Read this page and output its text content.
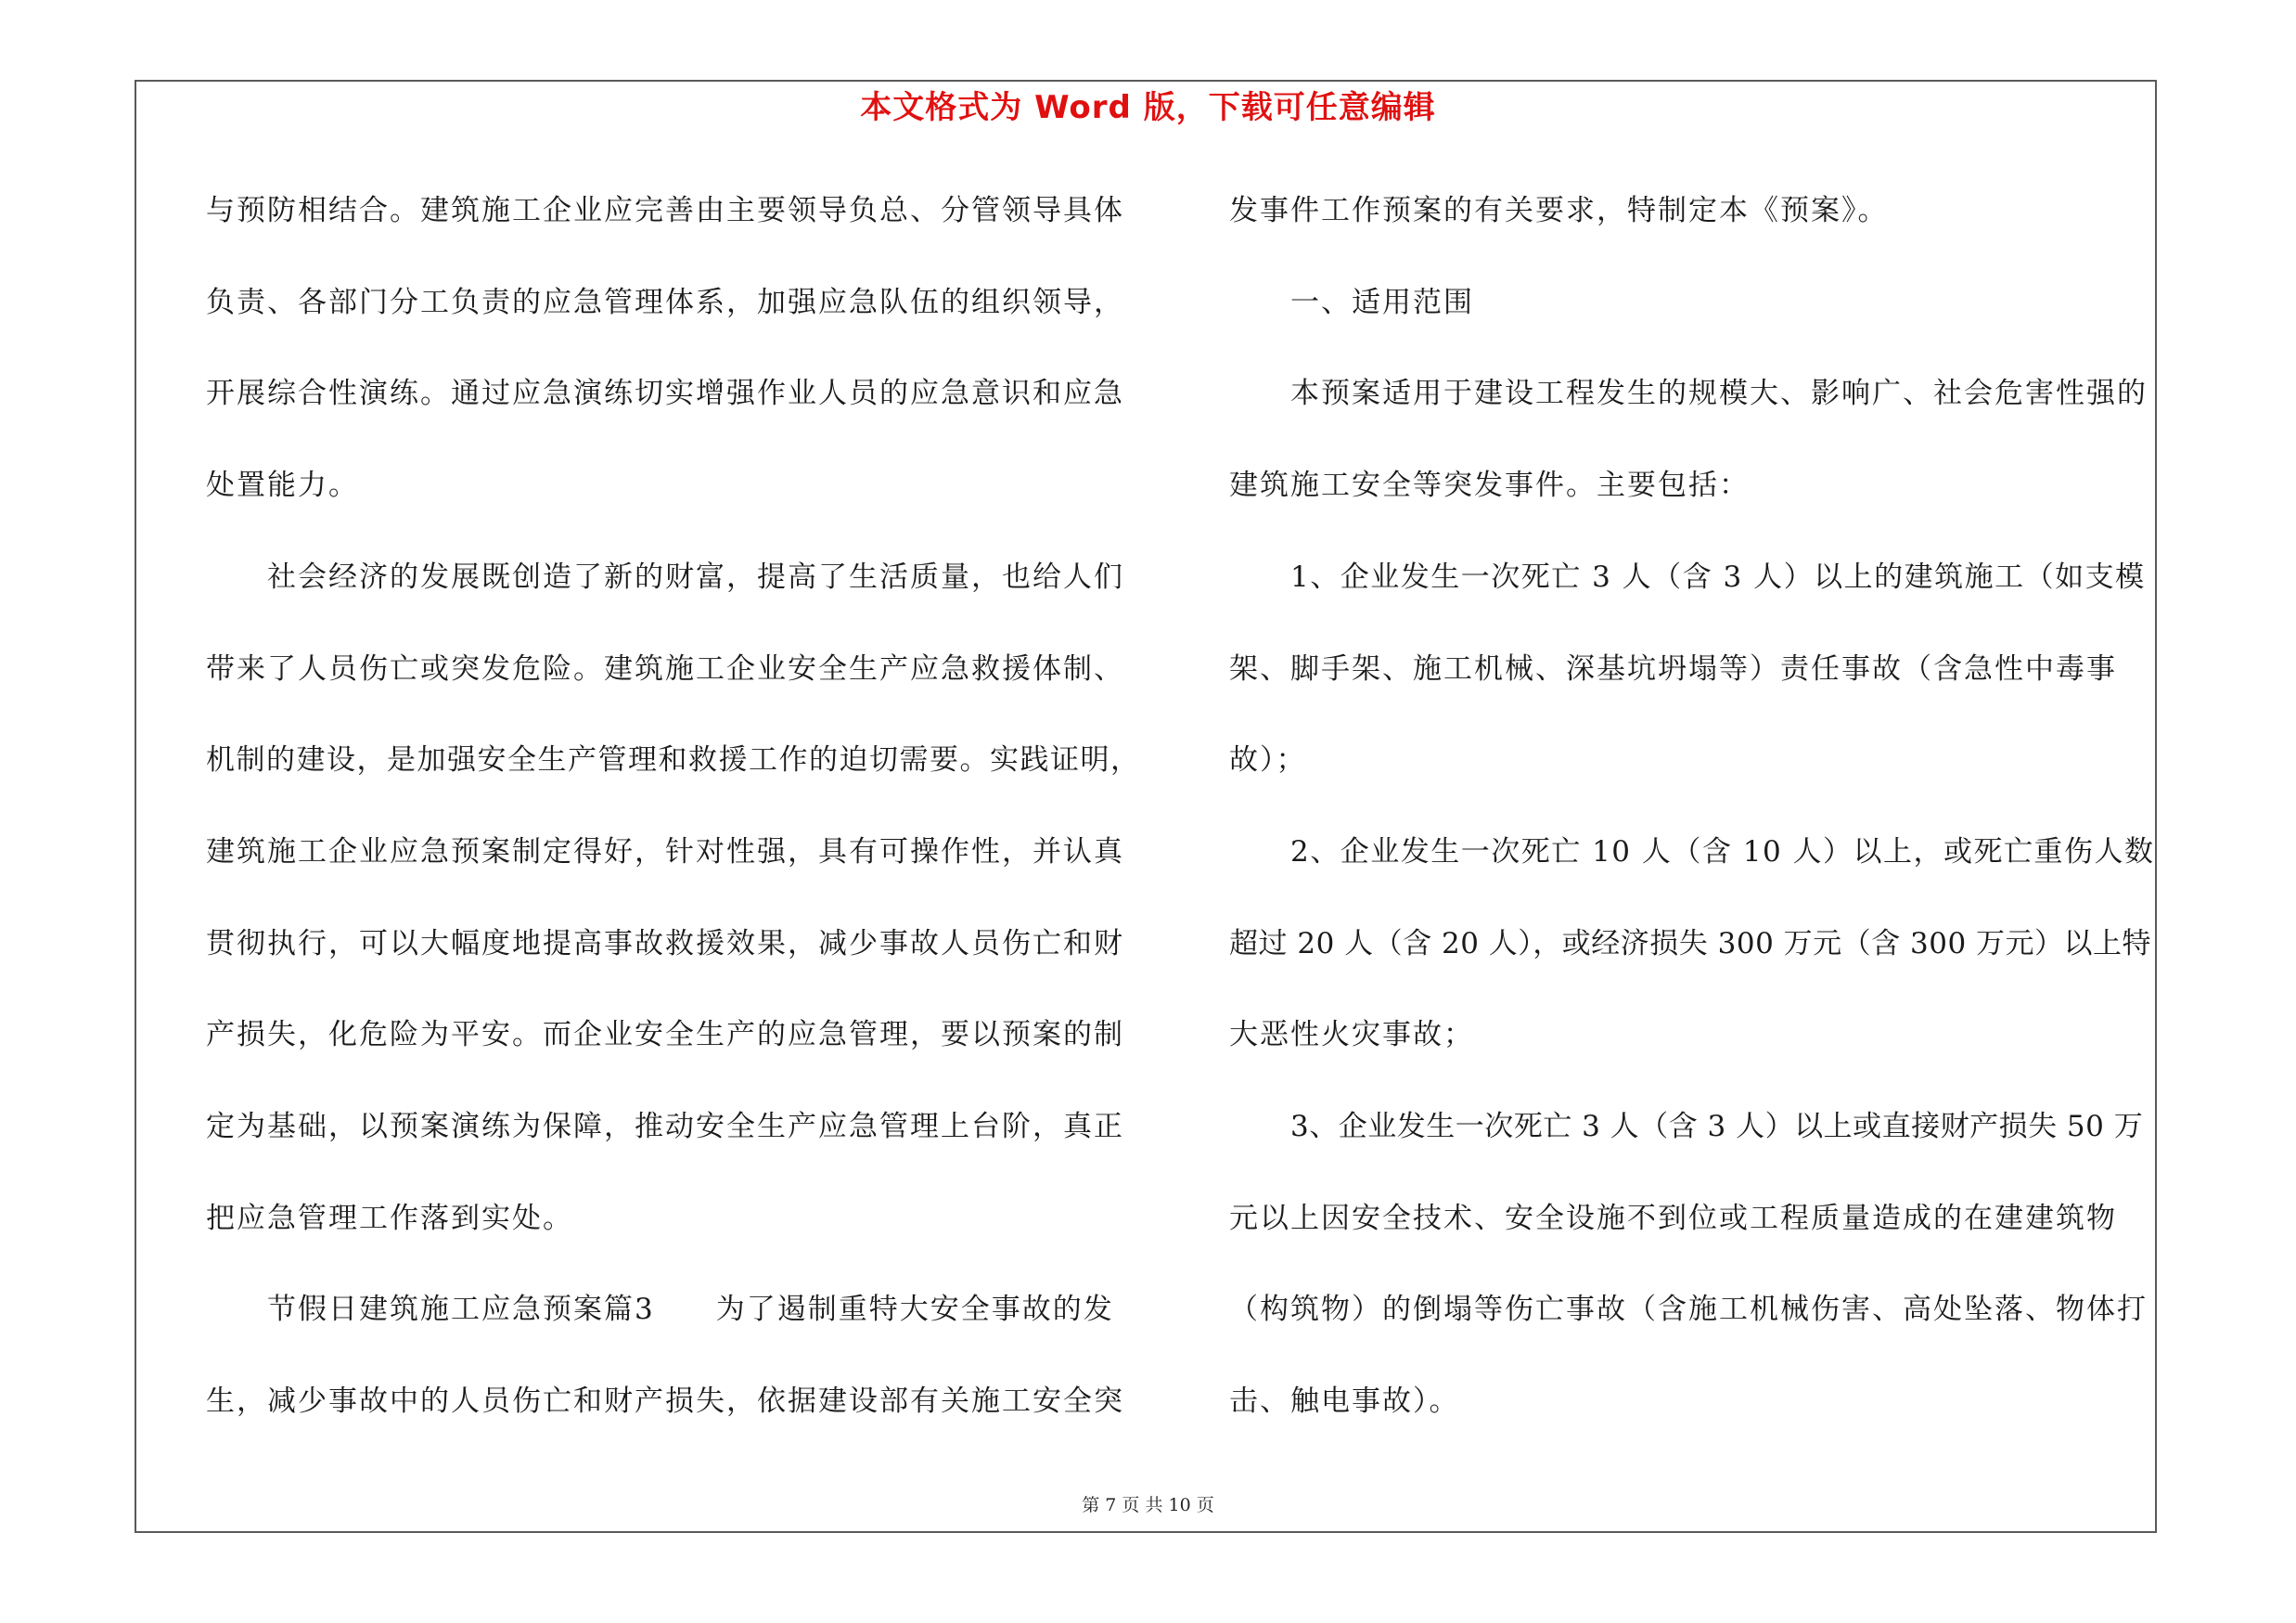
本文格式为 Word 版，下载可任意编辑
与预防相结合。建筑施工企业应完善由主要领导负总、分管领导具体
负责、各部门分工负责的应急管理体系，加强应急队伍的组织领导，
开展综合性演练。通过应急演练切实增强作业人员的应急意识和应急
处置能力。
社会经济的发展既创造了新的财富，提高了生活质量，也给人们
带来了人员伤亡或突发危险。建筑施工企业安全生产应急救援体制、
机制的建设，是加强安全生产管理和救援工作的迫切需要。实践证明，
建筑施工企业应急预案制定得好，针对性强，具有可操作性，并认真
贯彻执行，可以大幅度地提高事故救援效果，减少事故人员伤亡和财
产损失，化危险为平安。而企业安全生产的应急管理，要以预案的制
定为基础，以预案演练为保障，推动安全生产应急管理上台阶，真正
把应急管理工作落到实处。
节假日建筑施工应急预案篇3　　为了遏制重特大安全事故的发
生，减少事故中的人员伤亡和财产损失，依据建设部有关施工安全突
发事件工作预案的有关要求，特制定本《预案》。
一、适用范围
本预案适用于建设工程发生的规模大、影响广、社会危害性强的
建筑施工安全等突发事件。主要包括：
1、企业发生一次死亡 3 人（含 3 人）以上的建筑施工（如支模
架、脚手架、施工机械、深基坑坍塌等）责任事故（含急性中毒事
故）；
2、企业发生一次死亡 10 人（含 10 人）以上，或死亡重伤人数
超过 20 人（含 20 人），或经济损失 300 万元（含 300 万元）以上特
大恶性火灾事故；
3、企业发生一次死亡 3 人（含 3 人）以上或直接财产损失 50 万
元以上因安全技术、安全设施不到位或工程质量造成的在建建筑物
（构筑物）的倒塌等伤亡事故（含施工机械伤害、高处坠落、物体打
击、触电事故）。
第 7 页 共 10 页
